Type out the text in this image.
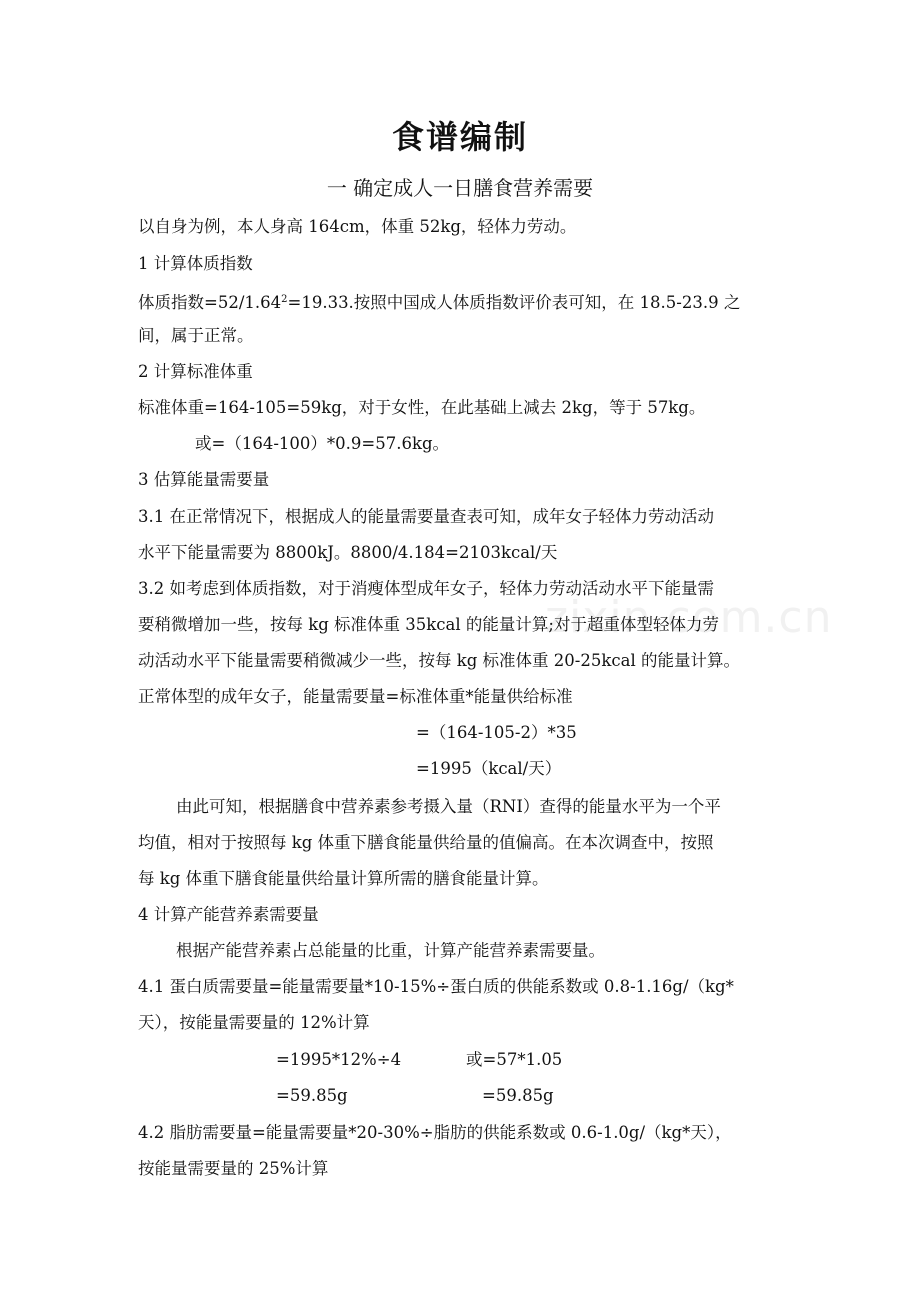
zixin.com.cn
食谱编制
一 确定成人一日膳食营养需要
以自身为例，本人身高 164cm，体重 52kg，轻体力劳动。
1 计算体质指数
体质指数$=52/1.64^2=19.33$.按照中国成人体质指数评价表可知，在 18.5-23.9 之
间，属于正常。
2 计算标准体重
标准体重=164-105=59kg，对于女性，在此基础上减去 2kg，等于 57kg。
或=（164-100）*0.9=57.6kg。
3 估算能量需要量
3.1 在正常情况下，根据成人的能量需要量查表可知，成年女子轻体力劳动活动
水平下能量需要为 8800kJ。8800/4.184=2103kcal/天
3.2 如考虑到体质指数，对于消瘦体型成年女子，轻体力劳动活动水平下能量需
要稍微增加一些，按每 kg 标准体重 35kcal 的能量计算;对于超重体型轻体力劳
动活动水平下能量需要稍微减少一些，按每 kg 标准体重 20-25kcal 的能量计算。
正常体型的成年女子，能量需要量=标准体重*能量供给标准
=（164-105-2）*35
=1995（kcal/天）
由此可知，根据膳食中营养素参考摄入量（RNI）查得的能量水平为一个平
均值，相对于按照每 kg 体重下膳食能量供给量的值偏高。在本次调查中，按照
每 kg 体重下膳食能量供给量计算所需的膳食能量计算。
4 计算产能营养素需要量
根据产能营养素占总能量的比重，计算产能营养素需要量。
4.1 蛋白质需要量=能量需要量*10-15%÷蛋白质的供能系数或 0.8-1.16g/（kg*
天），按能量需要量的 12%计算
=1995*12%÷4	或=57*1.05
=59.85g	=59.85g
4.2 脂肪需要量=能量需要量*20-30%÷脂肪的供能系数或 0.6-1.0g/（kg*天），
按能量需要量的 25%计算
